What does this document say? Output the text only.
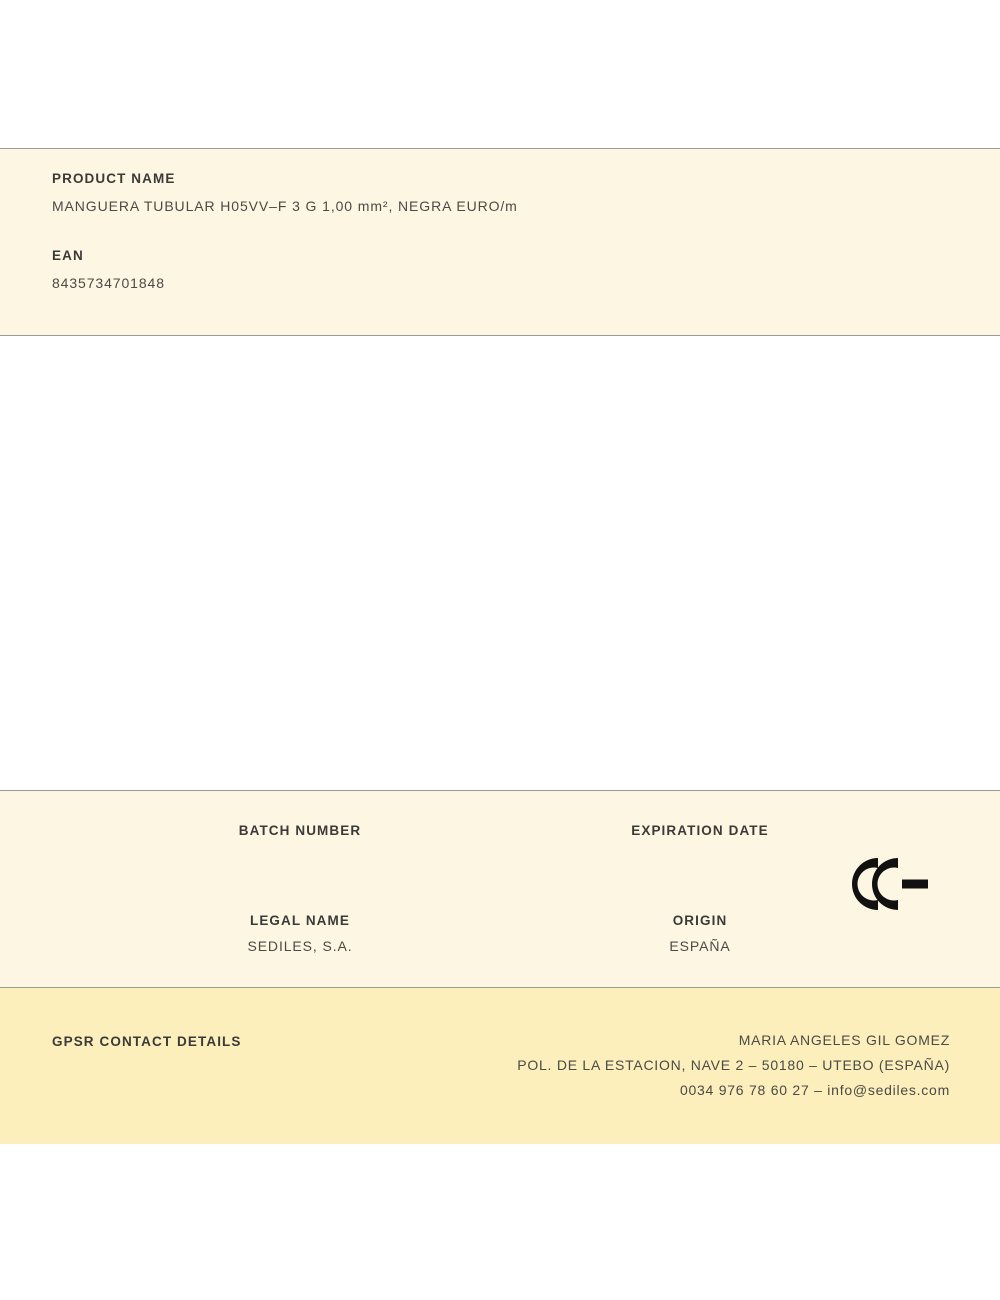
PRODUCT NAME

MANGUERA TUBULAR H05VV–F 3 G 1,00 mm², NEGRA EURO/m

EAN

8435734701848

BATCH NUMBER	EXPIRATION DATE

LEGAL NAME

SEDILES, S.A.

ORIGIN

ESPAÑA

GPSR CONTACT DETAILS	MARIA ANGELES GIL GOMEZ

POL. DE LA ESTACION, NAVE 2 – 50180 – UTEBO (ESPAÑA)

0034 976 78 60 27 – info@sediles.com
